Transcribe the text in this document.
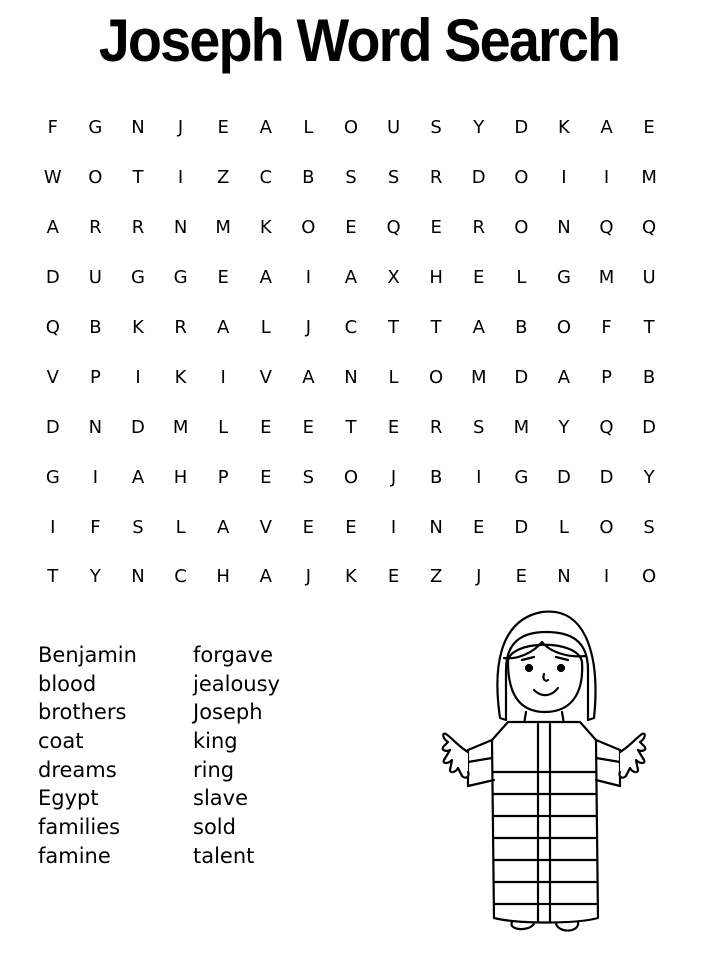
Joseph Word Search
F	G	N	J	E	A	L	O	U	S	Y	D	K	A	E
W	O	T	I	Z	C	B	S	S	R	D	O	I	I	M
A	R	R	N	M	K	O	E	Q	E	R	O	N	Q	Q
D	U	G	G	E	A	I	A	X	H	E	L	G	M	U
Q	B	K	R	A	L	J	C	T	T	A	B	O	F	T
V	P	I	K	I	V	A	N	L	O	M	D	A	P	B
D	N	D	M	L	E	E	T	E	R	S	M	Y	Q	D
G	I	A	H	P	E	S	O	J	B	I	G	D	D	Y
I	F	S	L	A	V	E	E	I	N	E	D	L	O	S
T	Y	N	C	H	A	J	K	E	Z	J	E	N	I	O
Benjamin
blood
brothers
coat
dreams
Egypt
families
famine
forgave
jealousy
Joseph
king
ring
slave
sold
talent
